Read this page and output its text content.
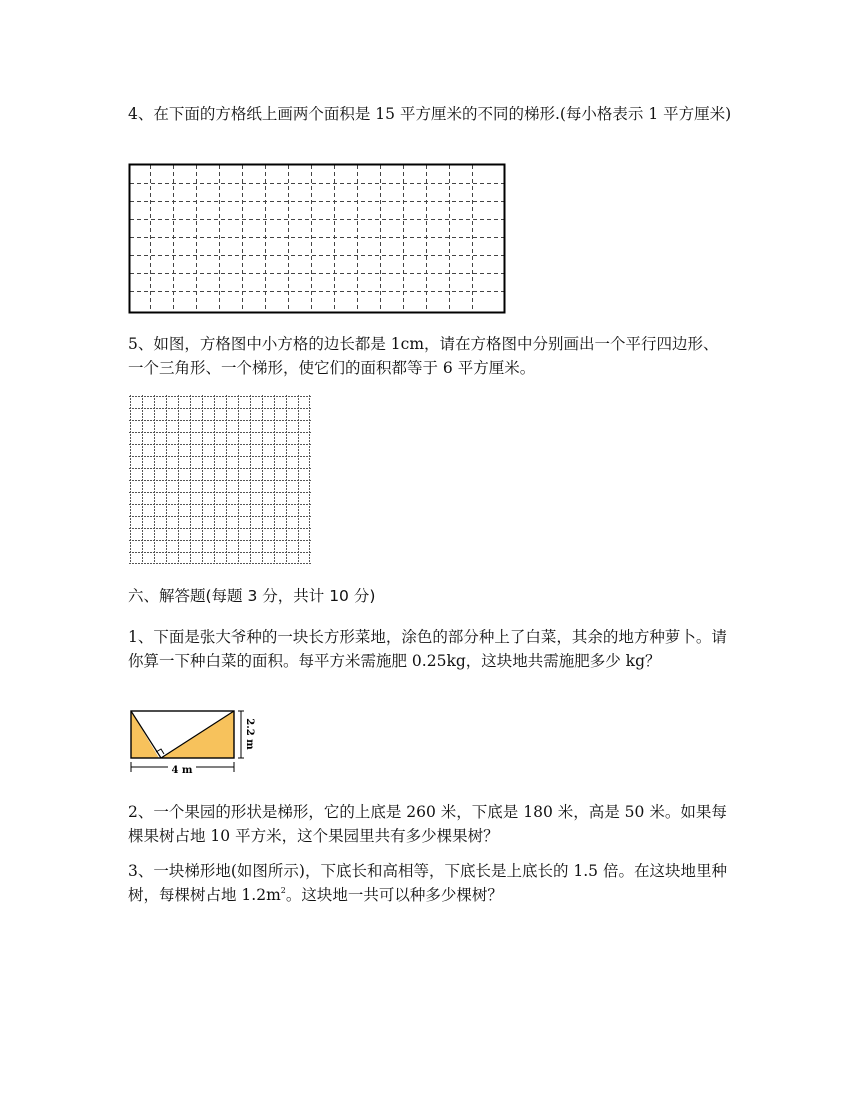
4、在下面的方格纸上画两个面积是 15 平方厘米的不同的梯形.(每小格表示 1 平方厘米)

5、如图，方格图中小方格的边长都是 1cm，请在方格图中分别画出一个平行四边形、一个三角形、一个梯形，使它们的面积都等于 6 平方厘米。

六、解答题(每题 3 分，共计 10 分)

1、下面是张大爷种的一块长方形菜地，涂色的部分种上了白菜，其余的地方种萝卜。请你算一下种白菜的面积。每平方米需施肥 0.25kg，这块地共需施肥多少 kg？

2.2 m
4 m

2、一个果园的形状是梯形，它的上底是 260 米，下底是 180 米，高是 50 米。如果每棵果树占地 10 平方米，这个果园里共有多少棵果树？

3、一块梯形地(如图所示)，下底长和高相等，下底长是上底长的 1.5 倍。在这块地里种树，每棵树占地 $1.2m^2$。这块地一共可以种多少棵树？
